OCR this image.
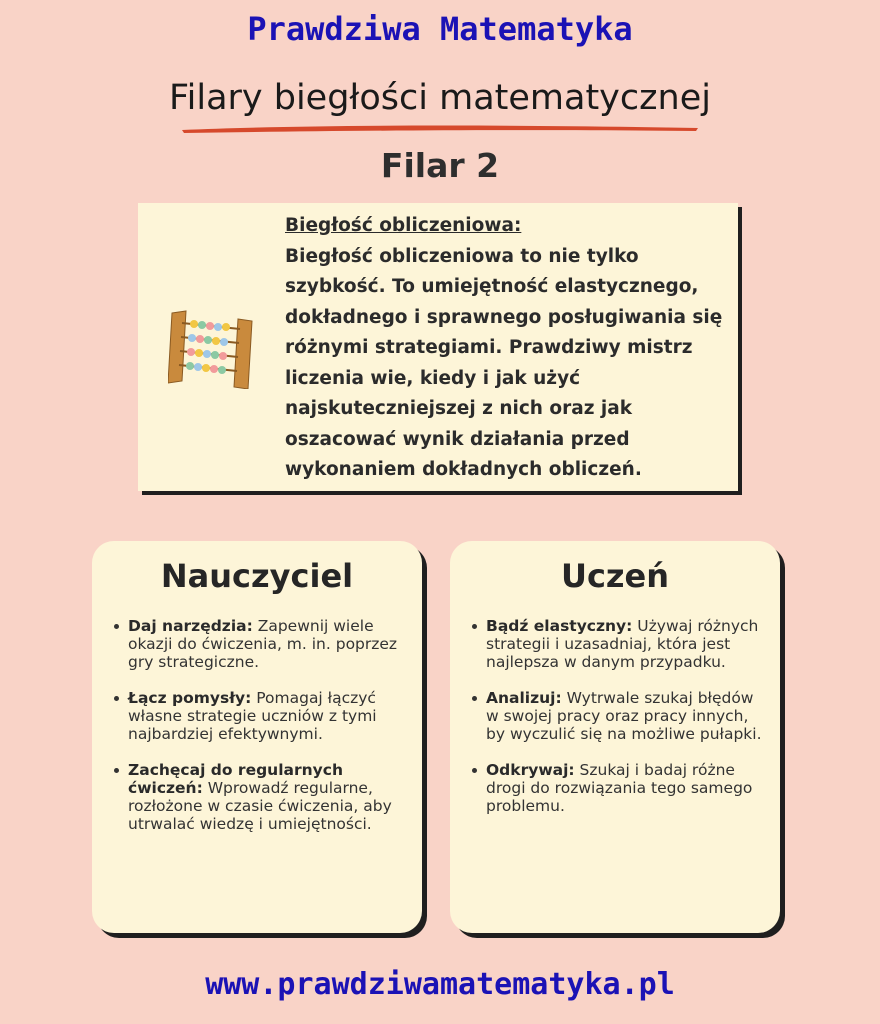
Prawdziwa Matematyka
Filary biegłości matematycznej
Filar 2
Biegłość obliczeniowa:
Biegłość obliczeniowa to nie tylko szybkość. To umiejętność elastycznego, dokładnego i sprawnego posługiwania się różnymi strategiami. Prawdziwy mistrz liczenia wie, kiedy i jak użyć najskuteczniejszej z nich oraz jak oszacować wynik działania przed wykonaniem dokładnych obliczeń.
Nauczyciel
Daj narzędzia: Zapewnij wiele okazji do ćwiczenia, m. in. poprzez gry strategiczne.
Łącz pomysły: Pomagaj łączyć własne strategie uczniów z tymi najbardziej efektywnymi.
Zachęcaj do regularnych ćwiczeń: Wprowadź regularne, rozłożone w czasie ćwiczenia, aby utrwalać wiedzę i umiejętności.
Uczeń
Bądź elastyczny: Używaj różnych strategii i uzasadniaj, która jest najlepsza w danym przypadku.
Analizuj: Wytrwale szukaj błędów w swojej pracy oraz pracy innych, by wyczulić się na możliwe pułapki.
Odkrywaj: Szukaj i badaj różne drogi do rozwiązania tego samego problemu.
www.prawdziwamatematyka.pl
